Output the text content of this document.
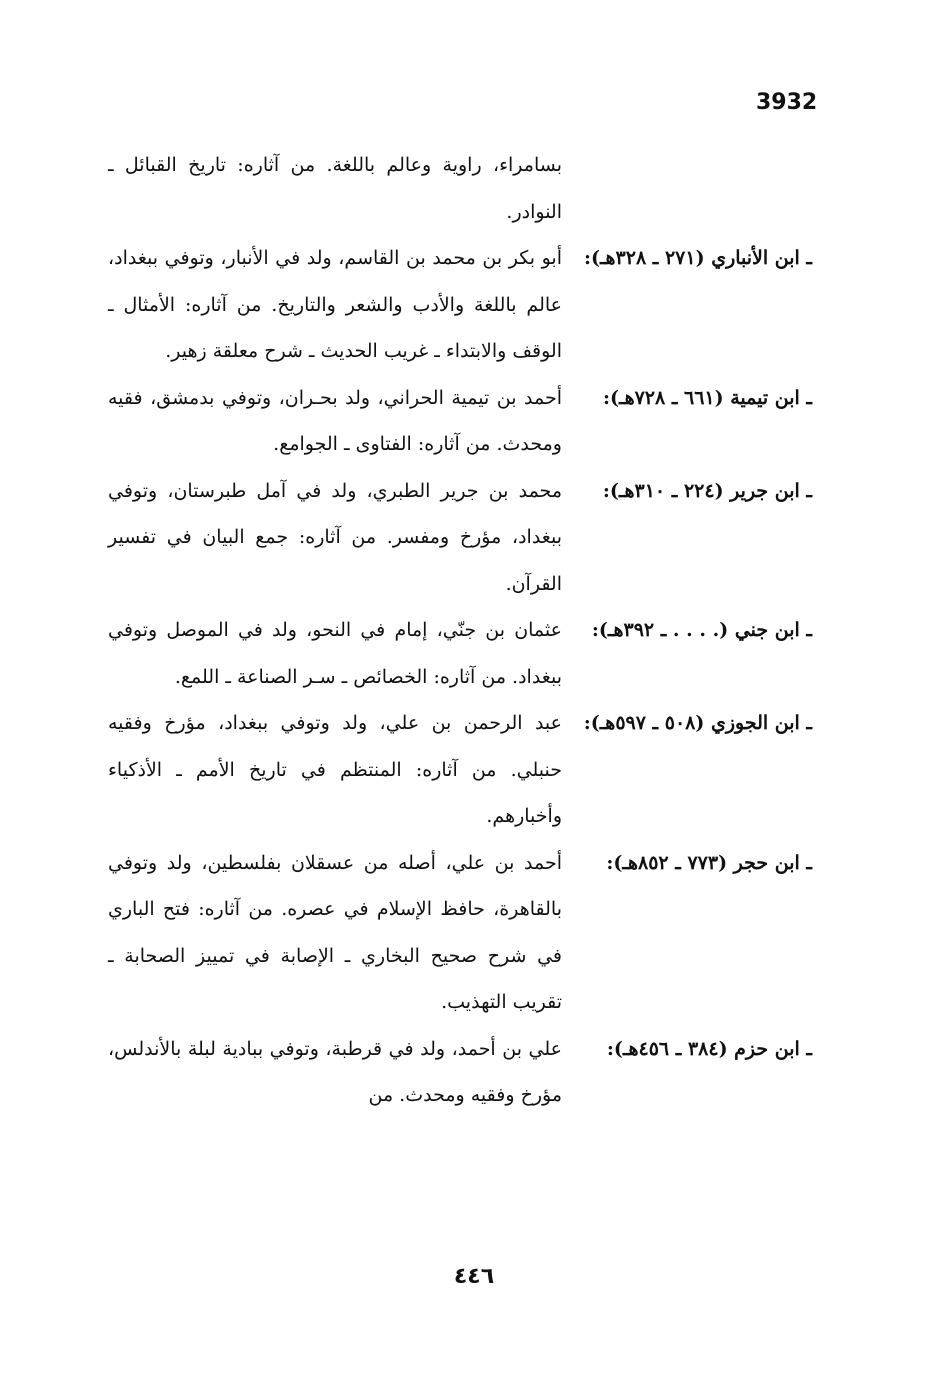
3932
بسامراء، راوية وعالم باللغة. من آثاره: تاريخ القبائل ـ النوادر.
ـ ابن الأنباري (٢٧١ ـ ٣٢٨هـ):
أبو بكر بن محمد بن القاسم، ولد في الأنبار، وتوفي ببغداد، عالم باللغة والأدب والشعر والتاريخ. من آثاره: الأمثال ـ الوقف والابتداء ـ غريب الحديث ـ شرح معلقة زهير.
ـ ابن تيمية (٦٦١ ـ ٧٢٨هـ):
أحمد بن تيمية الحراني، ولد بحـران، وتوفي بدمشق، فقيه ومحدث. من آثاره: الفتاوى ـ الجوامع.
ـ ابن جرير (٢٢٤ ـ ٣١٠هـ):
محمد بن جرير الطبري، ولد في آمل طبرستان، وتوفي ببغداد، مؤرخ ومفسر. من آثاره: جمع البيان في تفسير القرآن.
ـ ابن جني (. . . . ـ ٣٩٢هـ):
عثمان بن جنّي، إمام في النحو، ولد في الموصل وتوفي ببغداد. من آثاره: الخصائص ـ سـر الصناعة ـ اللمع.
ـ ابن الجوزي (٥٠٨ ـ ٥٩٧هـ):
عبد الرحمن بن علي، ولد وتوفي ببغداد، مؤرخ وفقيه حنبلي. من آثاره: المنتظم في تاريخ الأمم ـ الأذكياء وأخبارهم.
ـ ابن حجر (٧٧٣ ـ ٨٥٢هـ):
أحمد بن علي، أصله من عسقلان بفلسطين، ولد وتوفي بالقاهرة، حافظ الإسلام في عصره. من آثاره: فتح الباري في شرح صحيح البخاري ـ الإصابة في تمييز الصحابة ـ تقريب التهذيب.
ـ ابن حزم (٣٨٤ ـ ٤٥٦هـ):
علي بن أحمد، ولد في قرطبة، وتوفي ببادية لبلة بالأندلس، مؤرخ وفقيه ومحدث. من
٤٤٦
